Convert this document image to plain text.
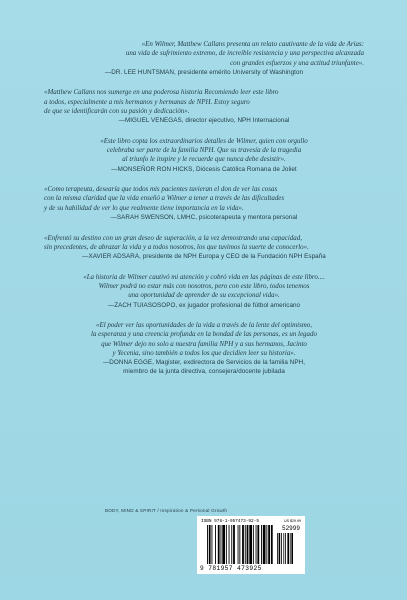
«En Wilmer, Matthew Callans presenta un relato cautivante de la vida de Arias:
una vida de sufrimiento extremo, de increíble resistencia y una perspectiva alcanzada
con grandes esfuerzos y una actitud triunfante».

—DR. LEE HUNTSMAN, presidente emérito University of Washington

«Matthew Callans nos sumerge en una poderosa historia Recomiendo leer este libro
a todos, especialmente a mis hermanos y hermanas de NPH. Estoy seguro
de que se identificarán con su pasión y dedicación».

—MIGUEL VENEGAS, director ejecutivo, NPH Internacional

«Este libro copta los extraordinarios detalles de Wilmer, quien con orgullo
celebraba ser parte de la familia NPH. Que su travesía de la tragedia
al triunfo le inspire y le recuerde que nunca debe desistir».

—MONSEÑOR RON HICKS, Diócesis Católica Romana de Joliet

«Como terapeuta, desearía que todos mis pacientes tuvieran el don de ver las cosas
con la misma claridad que la vida enseñó a Wilmer a tener a través de las dificultades
y de su habilidad de ver lo que realmente tiene importancia en la vida».

—SARAH SWENSON, LMHC, psicoterapeuta y mentora personal

«Enfrentó su destino con un gran deseo de superación, a la vez demostrando una capacidad,
sin precedentes, de abrazar la vida y a todos nosotros, los que tuvimos la suerte de conocerlo».

—XAVIER ADSARA, presidente de NPH Europa y CEO de la Fundación NPH España

«La historia de Wilmer cautivó mi atención y cobró vida en las páginas de este libro....
Wilmer podrá no estar más con nosotros, pero con este libro, todos tenemos
una oportunidad de aprender de su excepcional vida».

—ZACH TUIASOSOPO, ex jugador profesional de fútbol americano

«El poder ver las oportunidades de la vida a través de la lente del optimismo,
la esperanza y una creencia profunda en la bondad de las personas, es un legado
que Wilmer dejo no solo a nuestra familia NPH y a sus hermanos, Jacinto
y Yecenia, sino también a todos los que decidien leer su historia».

—DONNA EGGE, Magister, exdirectora de Servicios de la familia NPH,
miembro de la junta directiva, consejera/docente jubilada

BODY, MIND & SPIRIT / Inspiration & Personal Growth
ISBN 978-1-957473-92-5	US $29.99
52999
9 781957 473925
